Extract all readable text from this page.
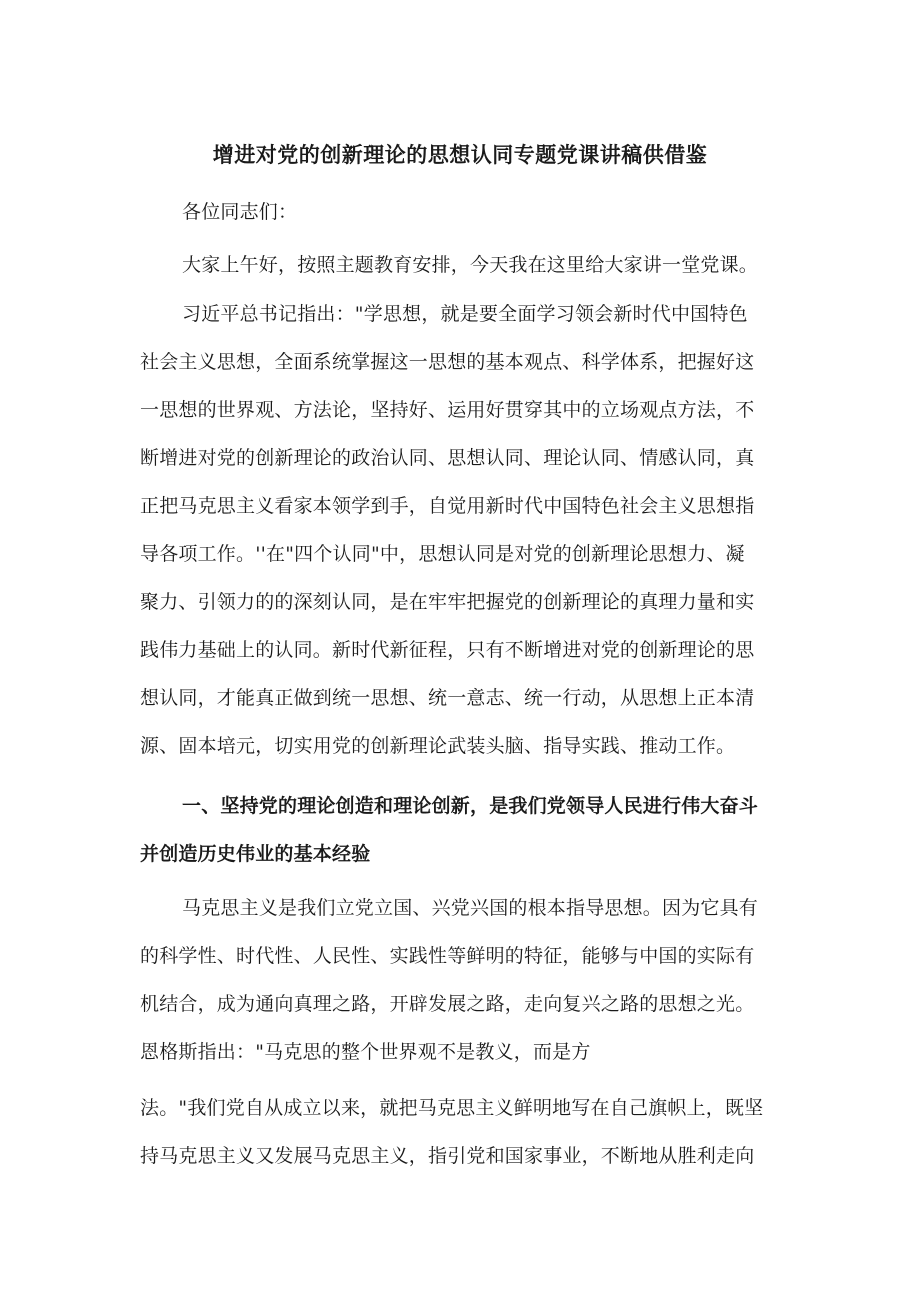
增进对党的创新理论的思想认同专题党课讲稿供借鉴
各位同志们：
大家上午好，按照主题教育安排，今天我在这里给大家讲一堂党课。
习近平总书记指出："学思想，就是要全面学习领会新时代中国特色
社会主义思想，全面系统掌握这一思想的基本观点、科学体系，把握好这
一思想的世界观、方法论，坚持好、运用好贯穿其中的立场观点方法，不
断增进对党的创新理论的政治认同、思想认同、理论认同、情感认同，真
正把马克思主义看家本领学到手，自觉用新时代中国特色社会主义思想指
导各项工作。''在"四个认同"中，思想认同是对党的创新理论思想力、凝
聚力、引领力的的深刻认同，是在牢牢把握党的创新理论的真理力量和实
践伟力基础上的认同。新时代新征程，只有不断增进对党的创新理论的思
想认同，才能真正做到统一思想、统一意志、统一行动，从思想上正本清
源、固本培元，切实用党的创新理论武装头脑、指导实践、推动工作。
一、坚持党的理论创造和理论创新，是我们党领导人民进行伟大奋斗
并创造历史伟业的基本经验
马克思主义是我们立党立国、兴党兴国的根本指导思想。因为它具有
的科学性、时代性、人民性、实践性等鲜明的特征，能够与中国的实际有
机结合，成为通向真理之路，开辟发展之路，走向复兴之路的思想之光。
恩格斯指出："马克思的整个世界观不是教义，而是方
法。"我们党自从成立以来，就把马克思主义鲜明地写在自己旗帜上，既坚
持马克思主义又发展马克思主义，指引党和国家事业，不断地从胜利走向
